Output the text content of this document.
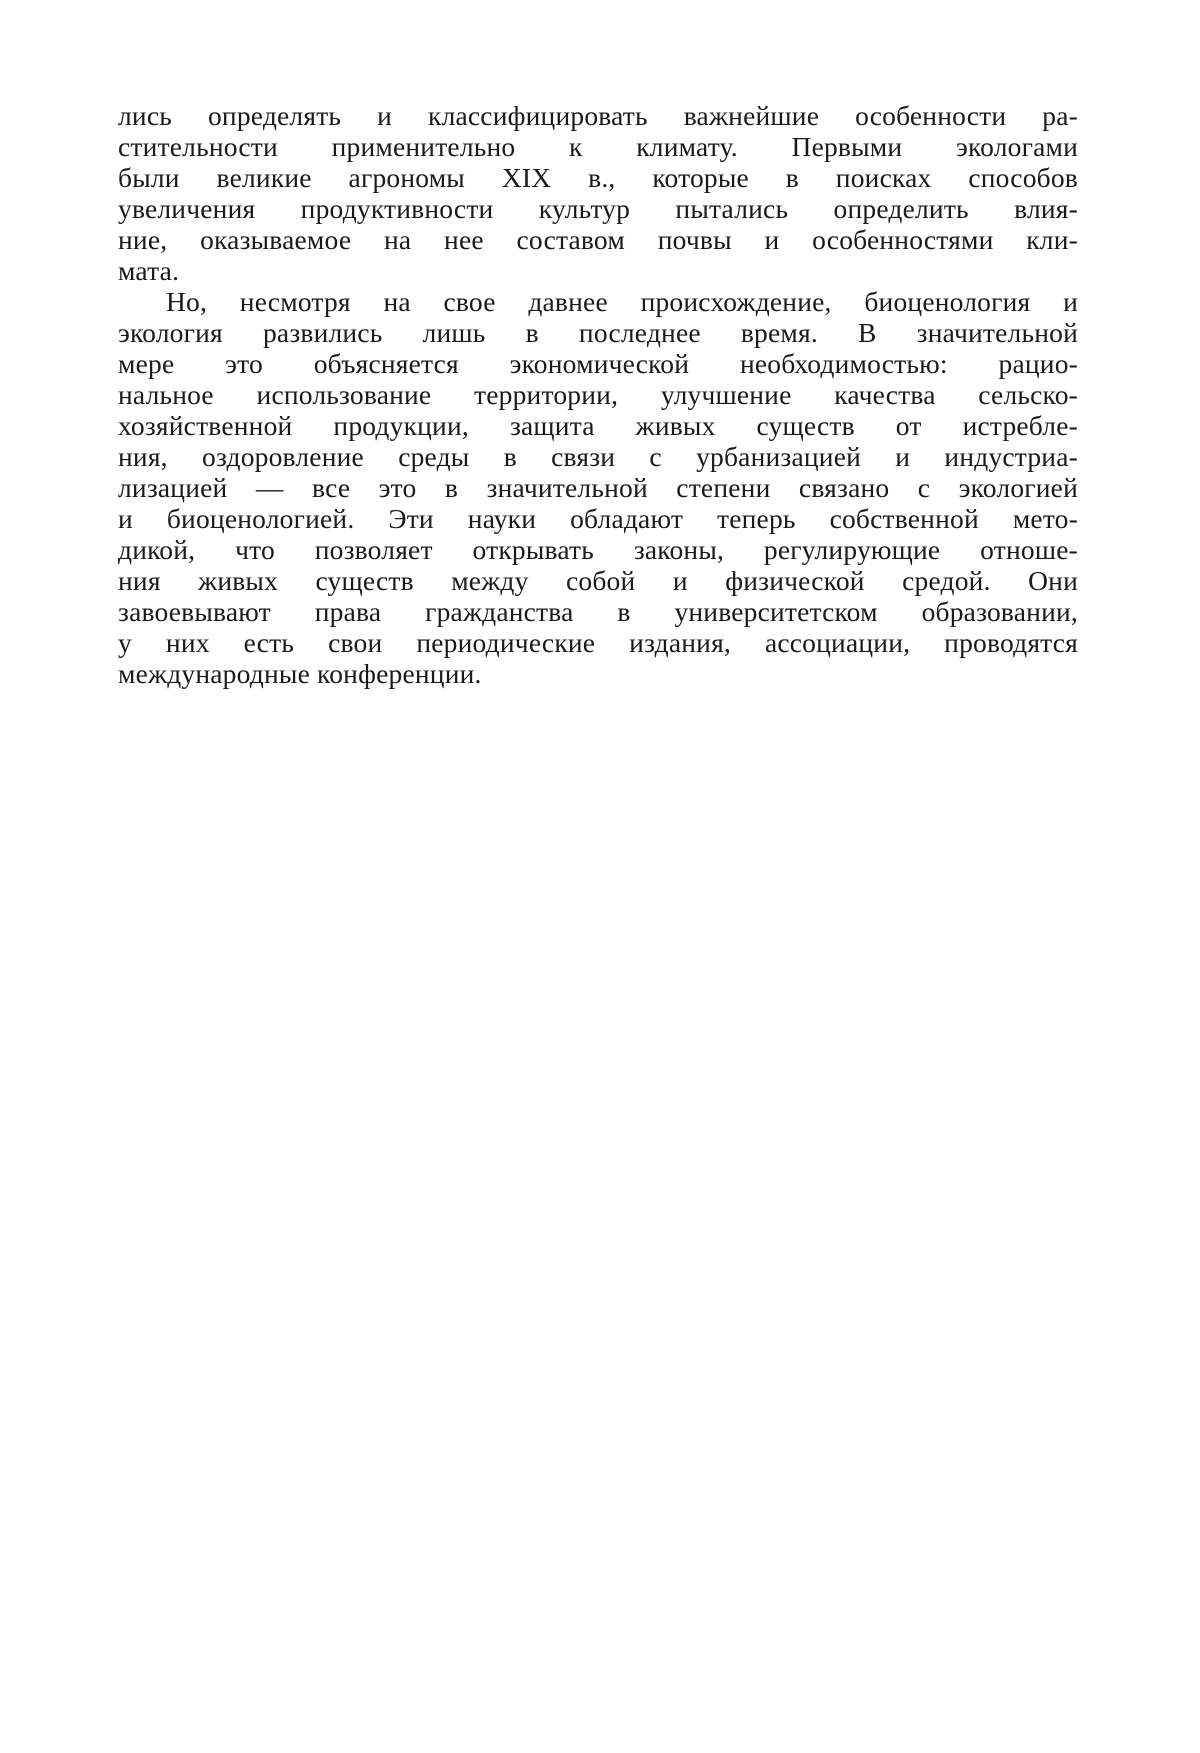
лись определять и классифицировать важнейшие особенности ра-
стительности применительно к климату. Первыми экологами
были великие агрономы XIX в., которые в поисках способов
увеличения продуктивности культур пытались определить влия-
ние, оказываемое на нее составом почвы и особенностями кли-
мата.
Но, несмотря на свое давнее происхождение, биоценология и
экология развились лишь в последнее время. В значительной
мере это объясняется экономической необходимостью: рацио-
нальное использование территории, улучшение качества сельско-
хозяйственной продукции, защита живых существ от истребле-
ния, оздоровление среды в связи с урбанизацией и индустриа-
лизацией — все это в значительной степени связано с экологией
и биоценологией. Эти науки обладают теперь собственной мето-
дикой, что позволяет открывать законы, регулирующие отноше-
ния живых существ между собой и физической средой. Они
завоевывают права гражданства в университетском образовании,
у них есть свои периодические издания, ассоциации, проводятся
международные конференции.
